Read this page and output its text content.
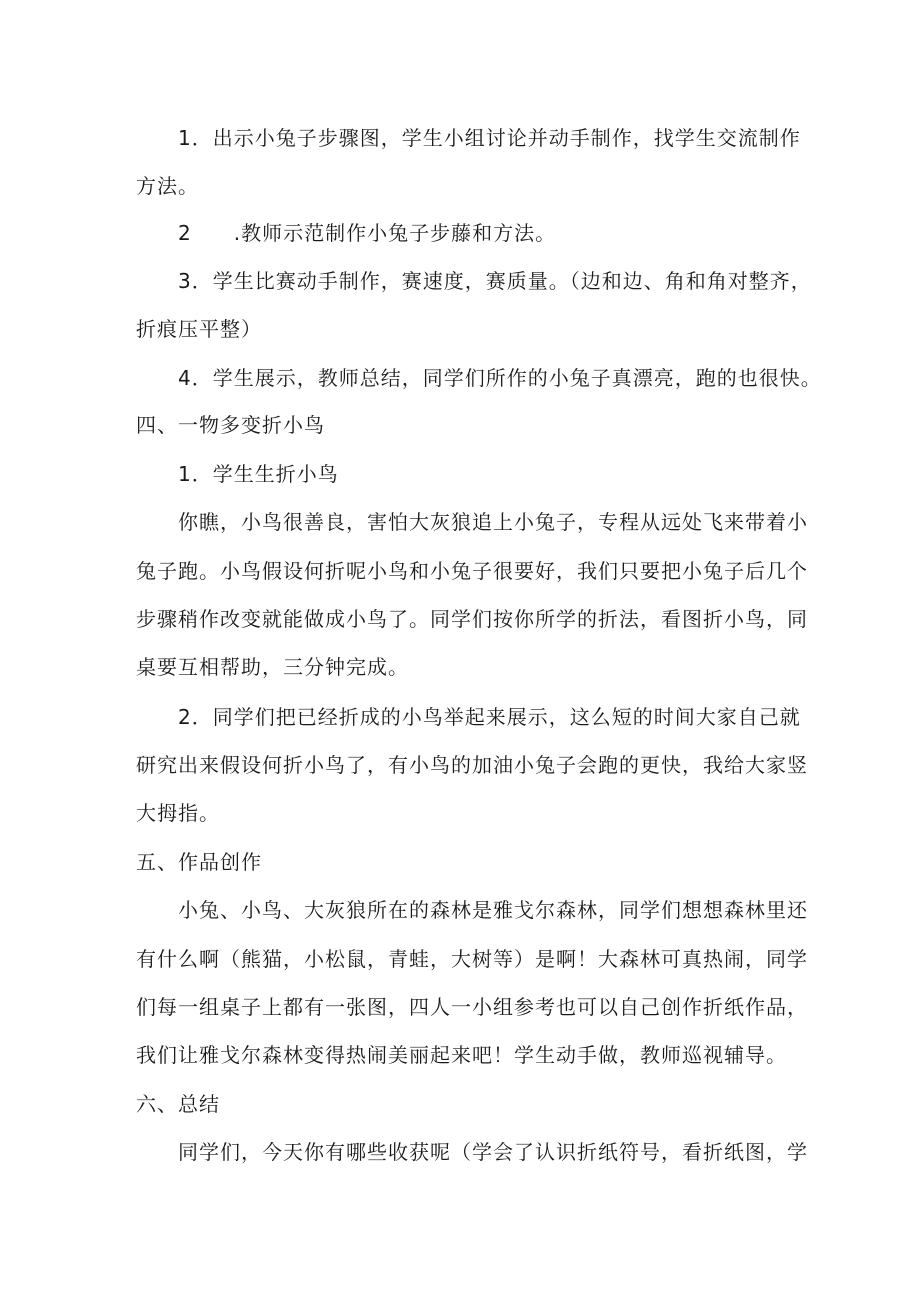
1．出示小兔子步骤图，学生小组讨论并动手制作，找学生交流制作
方法。
2　　.教师示范制作小兔子步藤和方法。
3．学生比赛动手制作，赛速度，赛质量。（边和边、角和角对整齐，
折痕压平整）
4．学生展示，教师总结，同学们所作的小兔子真漂亮，跑的也很快。
四、一物多变折小鸟
1．学生生折小鸟
你瞧，小鸟很善良，害怕大灰狼追上小兔子，专程从远处飞来带着小
兔子跑。小鸟假设何折呢小鸟和小兔子很要好，我们只要把小兔子后几个
步骤稍作改变就能做成小鸟了。同学们按你所学的折法，看图折小鸟，同
桌要互相帮助，三分钟完成。
2．同学们把已经折成的小鸟举起来展示，这么短的时间大家自己就
研究出来假设何折小鸟了，有小鸟的加油小兔子会跑的更快，我给大家竖
大拇指。
五、作品创作
小兔、小鸟、大灰狼所在的森林是雅戈尔森林，同学们想想森林里还
有什么啊（熊猫，小松鼠，青蛙，大树等）是啊！大森林可真热闹，同学
们每一组桌子上都有一张图，四人一小组参考也可以自己创作折纸作品，
我们让雅戈尔森林变得热闹美丽起来吧！学生动手做，教师巡视辅导。
六、总结
同学们，今天你有哪些收获呢（学会了认识折纸符号，看折纸图，学
